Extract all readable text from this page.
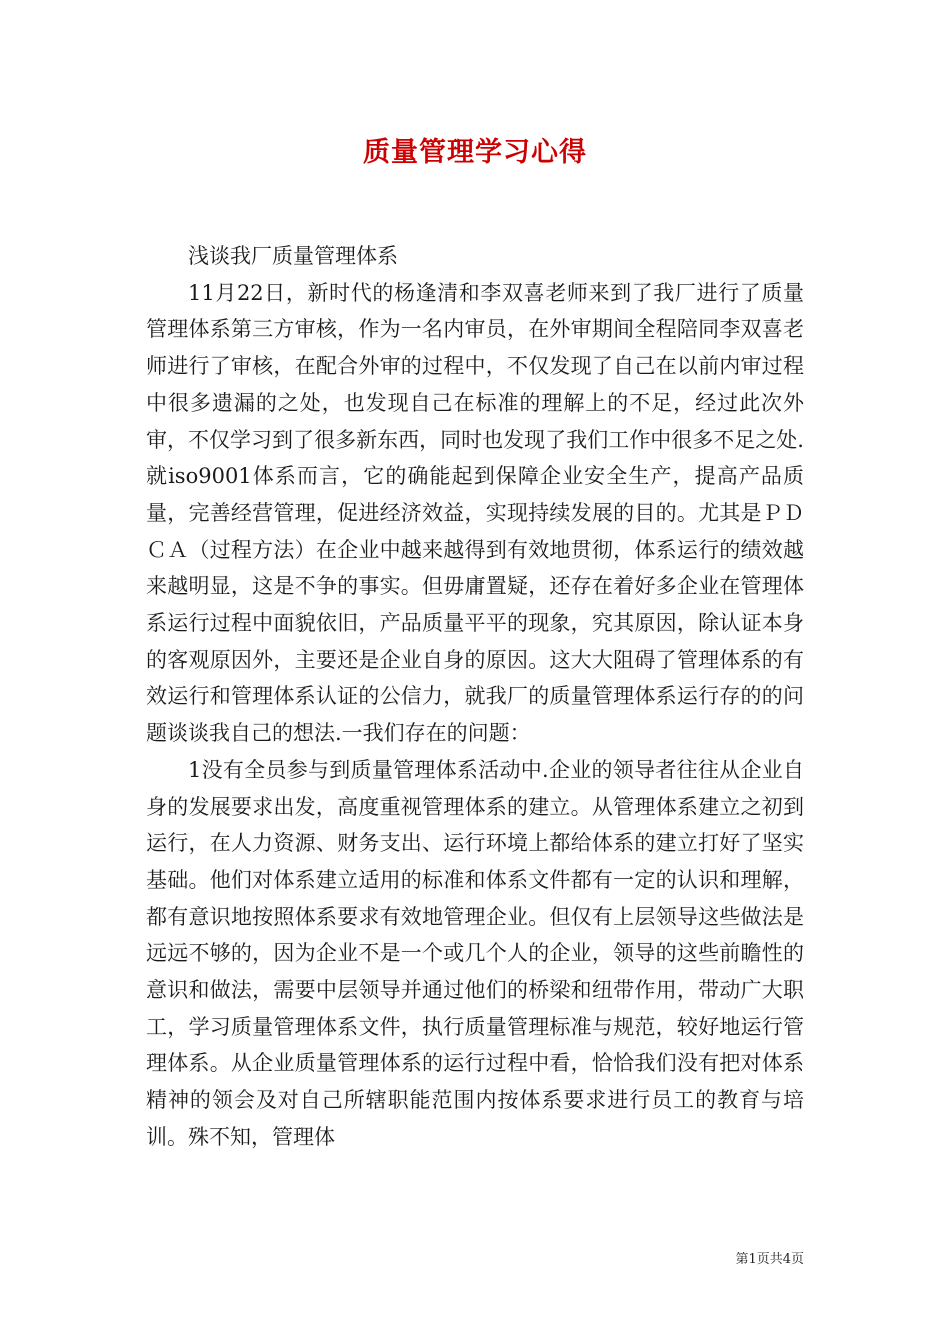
质量管理学习心得

浅谈我厂质量管理体系

11月22日，新时代的杨逢清和李双喜老师来到了我厂进行了质量管理体系第三方审核，作为一名内审员，在外审期间全程陪同李双喜老师进行了审核，在配合外审的过程中，不仅发现了自己在以前内审过程中很多遗漏的之处，也发现自己在标准的理解上的不足，经过此次外审，不仅学习到了很多新东西，同时也发现了我们工作中很多不足之处.就iso9001体系而言，它的确能起到保障企业安全生产，提高产品质量，完善经营管理，促进经济效益，实现持续发展的目的。尤其是ＰＤＣＡ（过程方法）在企业中越来越得到有效地贯彻，体系运行的绩效越来越明显，这是不争的事实。但毋庸置疑，还存在着好多企业在管理体系运行过程中面貌依旧，产品质量平平的现象，究其原因，除认证本身的客观原因外，主要还是企业自身的原因。这大大阻碍了管理体系的有效运行和管理体系认证的公信力，就我厂的质量管理体系运行存的的问题谈谈我自己的想法.一我们存在的问题：

1没有全员参与到质量管理体系活动中.企业的领导者往往从企业自身的发展要求出发，高度重视管理体系的建立。从管理体系建立之初到运行，在人力资源、财务支出、运行环境上都给体系的建立打好了坚实基础。他们对体系建立适用的标准和体系文件都有一定的认识和理解，都有意识地按照体系要求有效地管理企业。但仅有上层领导这些做法是远远不够的，因为企业不是一个或几个人的企业，领导的这些前瞻性的意识和做法，需要中层领导并通过他们的桥梁和纽带作用，带动广大职工，学习质量管理体系文件，执行质量管理标准与规范，较好地运行管理体系。从企业质量管理体系的运行过程中看，恰恰我们没有把对体系精神的领会及对自己所辖职能范围内按体系要求进行员工的教育与培训。殊不知，管理体

第1页共4页
